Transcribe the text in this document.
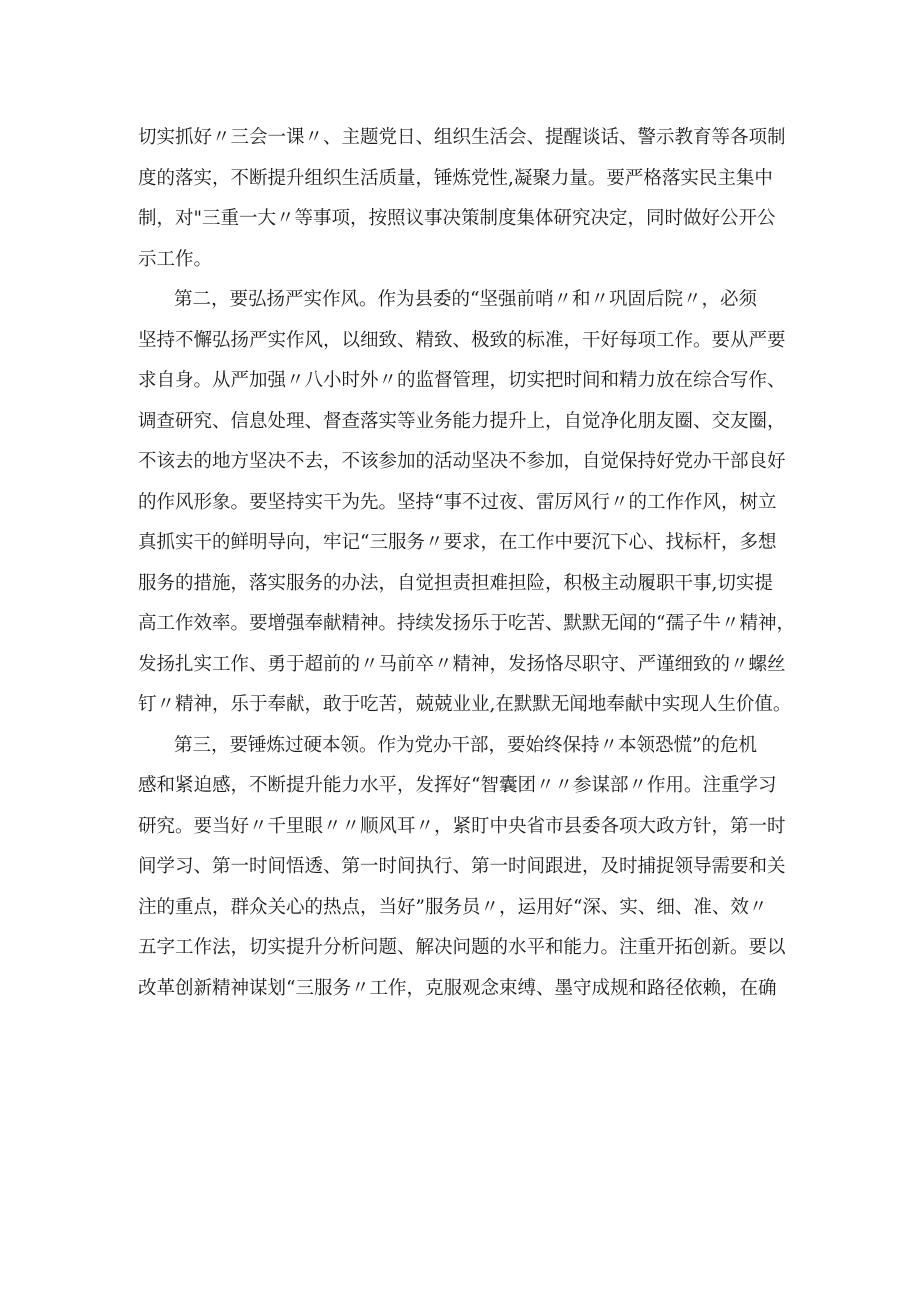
切实抓好〃三会一课〃、主题党日、组织生活会、提醒谈话、警示教育等各项制
度的落实，不断提升组织生活质量，锤炼党性,凝聚力量。要严格落实民主集中
制，对"三重一大〃等事项，按照议事决策制度集体研究决定，同时做好公开公
示工作。
第二，要弘扬严实作风。作为县委的“坚强前哨〃和〃巩固后院〃，必须
坚持不懈弘扬严实作风，以细致、精致、极致的标准，干好每项工作。要从严要
求自身。从严加强〃八小时外〃的监督管理，切实把时间和精力放在综合写作、
调查研究、信息处理、督查落实等业务能力提升上，自觉净化朋友圈、交友圈，
不该去的地方坚决不去，不该参加的活动坚决不参加，自觉保持好党办干部良好
的作风形象。要坚持实干为先。坚持“事不过夜、雷厉风行〃的工作作风，树立
真抓实干的鲜明导向，牢记“三服务〃要求，在工作中要沉下心、找标杆，多想
服务的措施，落实服务的办法，自觉担责担难担险，积极主动履职干事,切实提
高工作效率。要增强奉献精神。持续发扬乐于吃苦、默默无闻的“孺子牛〃精神，
发扬扎实工作、勇于超前的〃马前卒〃精神，发扬恪尽职守、严谨细致的〃螺丝
钉〃精神，乐于奉献，敢于吃苦，兢兢业业,在默默无闻地奉献中实现人生价值。
第三，要锤炼过硬本领。作为党办干部，要始终保持〃本领恐慌”的危机
感和紧迫感，不断提升能力水平，发挥好“智囊团〃〃参谋部〃作用。注重学习
研究。要当好〃千里眼〃〃顺风耳〃，紧盯中央省市县委各项大政方针，第一时
间学习、第一时间悟透、第一时间执行、第一时间跟进，及时捕捉领导需要和关
注的重点，群众关心的热点，当好”服务员〃，运用好“深、实、细、准、效〃
五字工作法，切实提升分析问题、解决问题的水平和能力。注重开拓创新。要以
改革创新精神谋划“三服务〃工作，克服观念束缚、墨守成规和路径依赖，在确
